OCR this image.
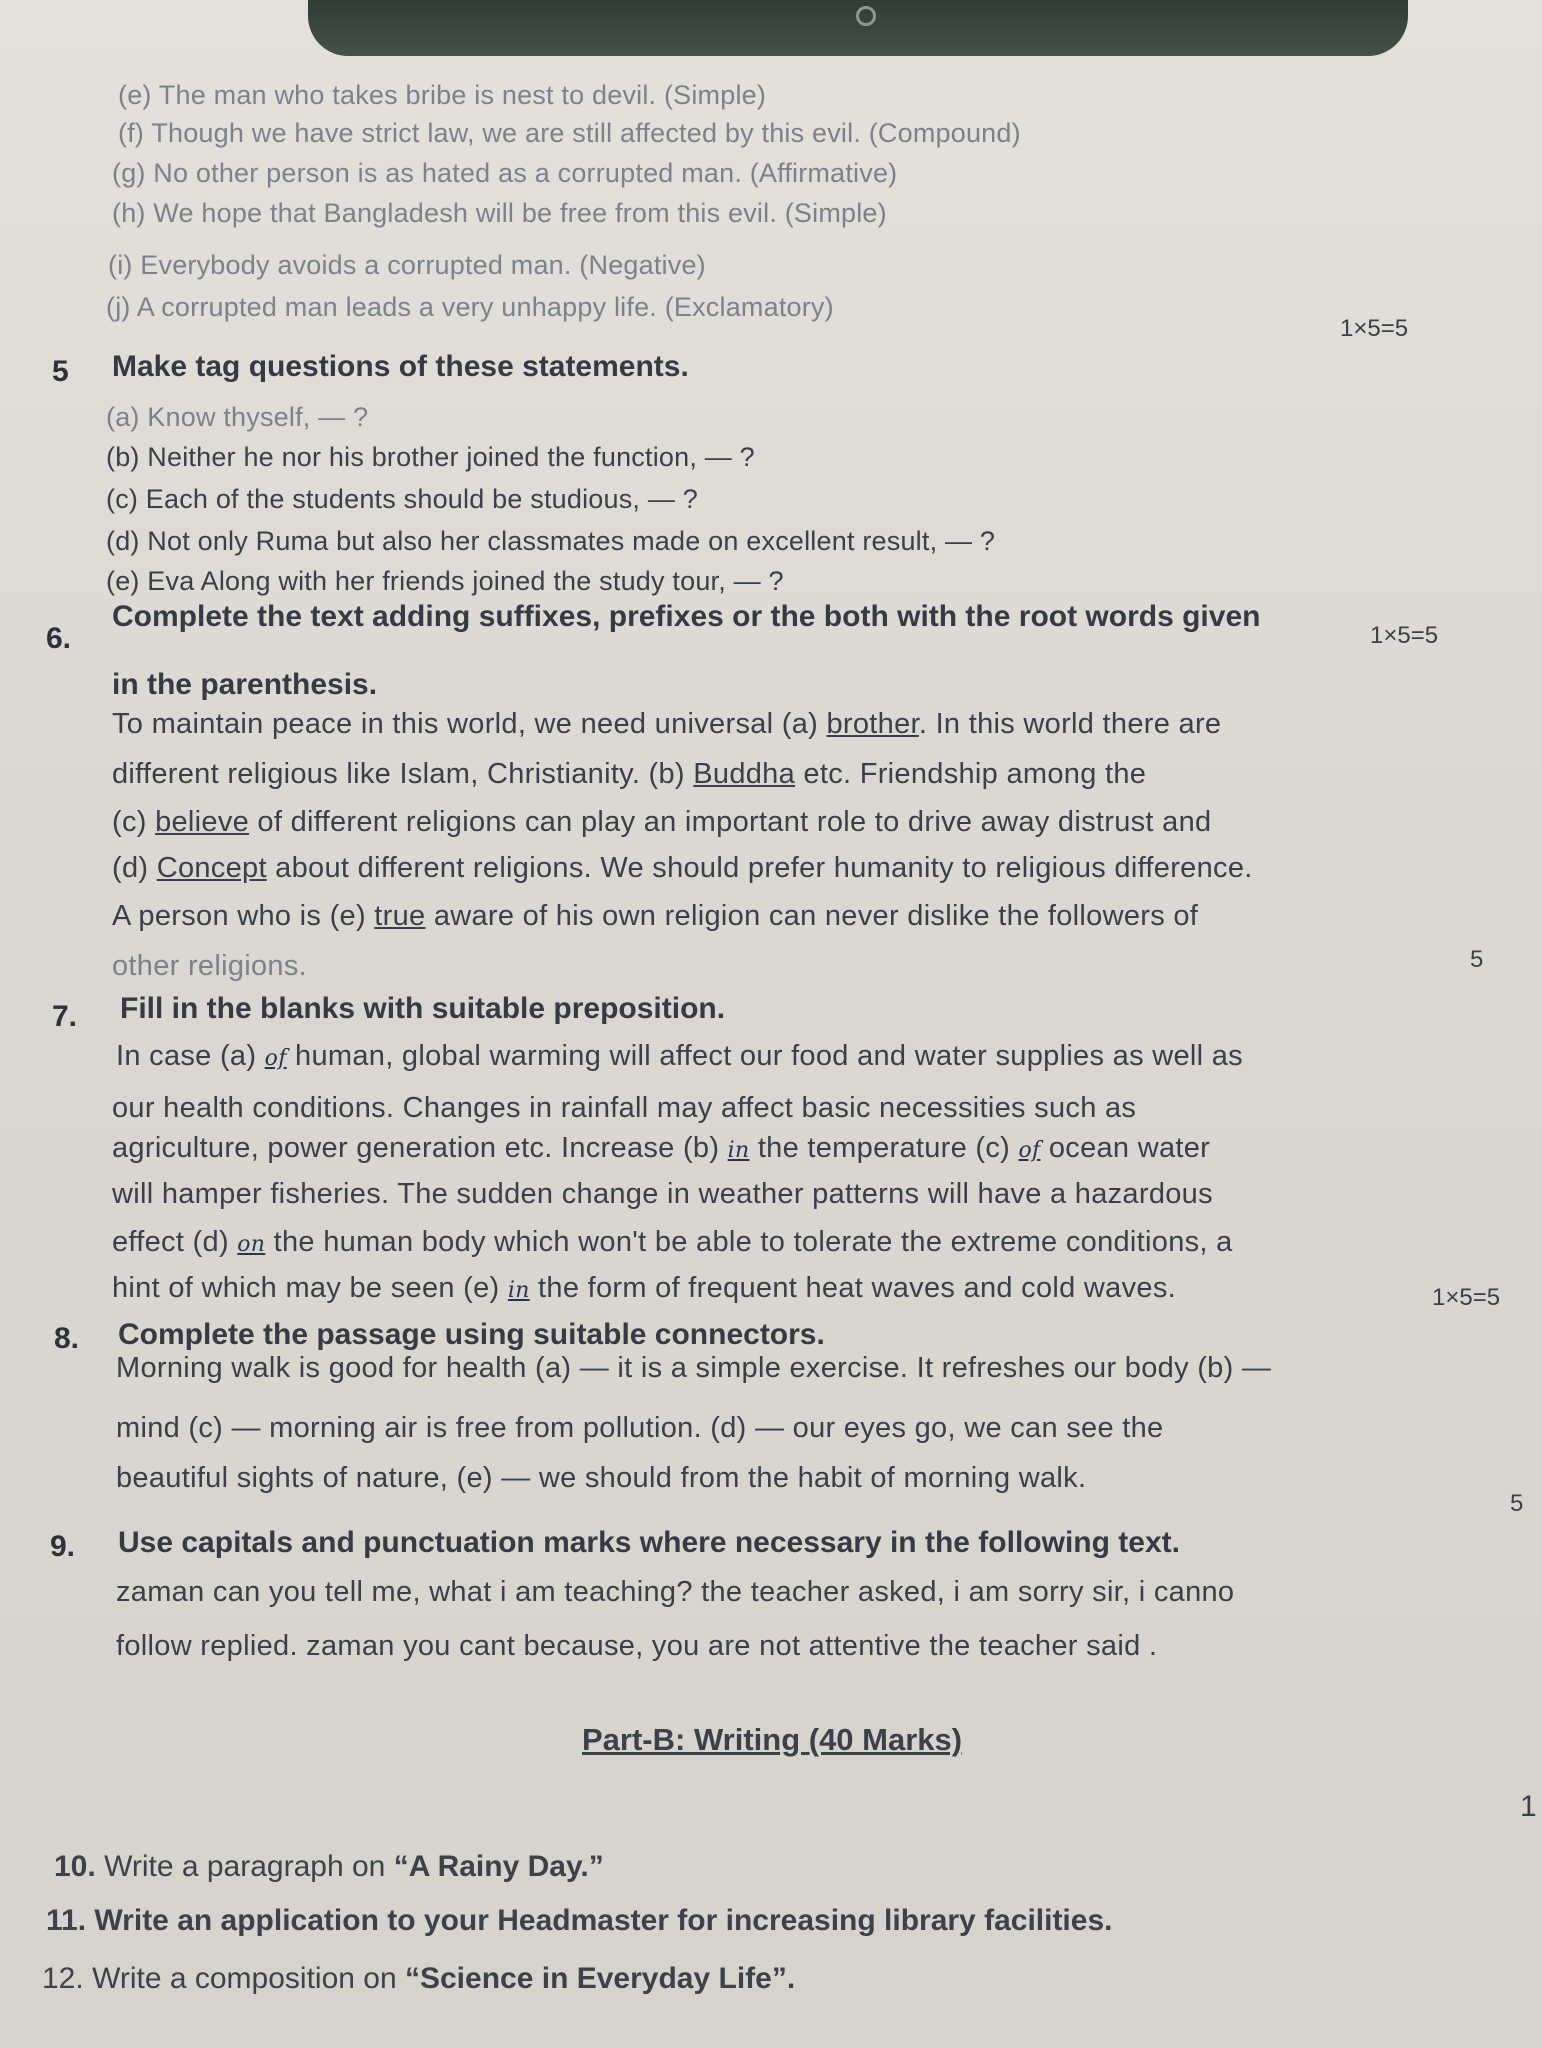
(e) The man who takes bribe is nest to devil. (Simple)
(f) Though we have strict law, we are still affected by this evil. (Compound)
(g) No other person is as hated as a corrupted man. (Affirmative)
(h) We hope that Bangladesh will be free from this evil. (Simple)
(i) Everybody avoids a corrupted man. (Negative)
(j) A corrupted man leads a very unhappy life. (Exclamatory)
1×5=5
5 Make tag questions of these statements.
(a) Know thyself, — ?
(b) Neither he nor his brother joined the function, — ?
(c) Each of the students should be studious, — ?
(d) Not only Ruma but also her classmates made on excellent result, — ?
(e) Eva Along with her friends joined the study tour, — ?
6.
Complete the text adding suffixes, prefixes or the both with the root words given
1×5=5
in the parenthesis.
To maintain peace in this world, we need universal (a) brother. In this world there are
different religious like Islam, Christianity. (b) Buddha etc. Friendship among the
(c) believe of different religions can play an important role to drive away distrust and
(d) Concept about different religions. We should prefer humanity to religious difference.
A person who is (e) true aware of his own religion can never dislike the followers of
other religions.	5
7. Fill in the blanks with suitable preposition.
In case (a) of human, global warming will affect our food and water supplies as well as
our health conditions. Changes in rainfall may affect basic necessities such as
agriculture, power generation etc. Increase (b) in the temperature (c) of ocean water
will hamper fisheries. The sudden change in weather patterns will have a hazardous
effect (d) on the human body which won't be able to tolerate the extreme conditions, a
hint of which may be seen (e) in the form of frequent heat waves and cold waves.	1×5=5
8. Complete the passage using suitable connectors.
Morning walk is good for health (a) — it is a simple exercise. It refreshes our body (b) —
mind (c) — morning air is free from pollution. (d) — our eyes go, we can see the
beautiful sights of nature, (e) — we should from the habit of morning walk.
5
9. Use capitals and punctuation marks where necessary in the following text.
zaman can you tell me, what i am teaching? the teacher asked, i am sorry sir, i canno
follow replied. zaman you cant because, you are not attentive the teacher said .
Part-B: Writing (40 Marks)
1
10. Write a paragraph on “A Rainy Day.”
11. Write an application to your Headmaster for increasing library facilities.
12. Write a composition on “Science in Everyday Life”.
